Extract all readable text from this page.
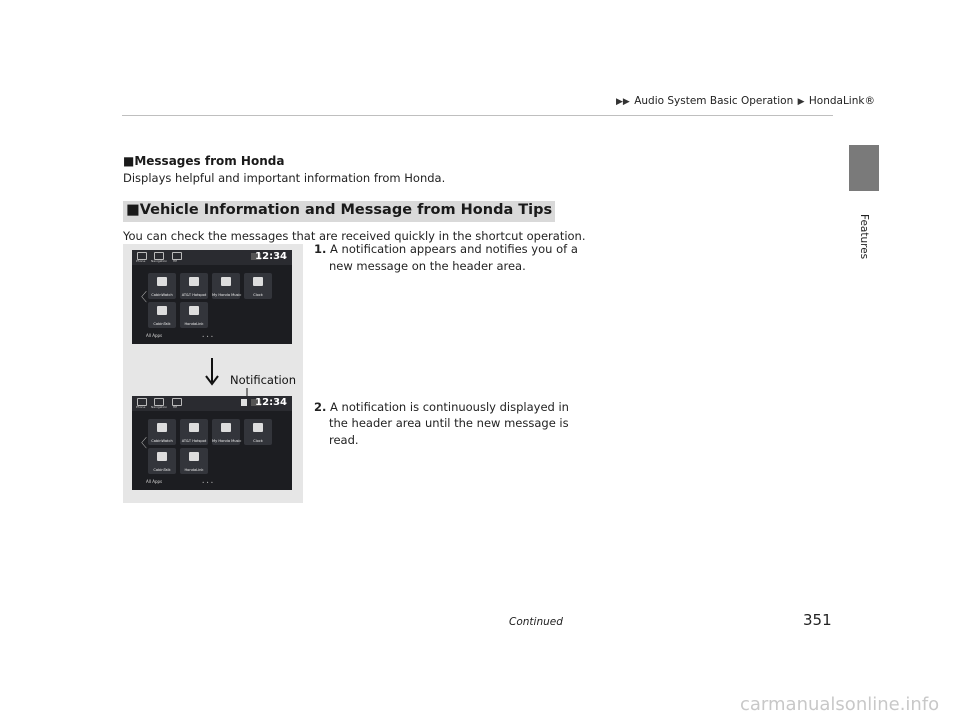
▶▶ Audio System Basic Operation ▶ HondaLink®
Features
■Messages from Honda
Displays helpful and important information from Honda.
■Vehicle Information and Message from Honda Tips
You can check the messages that are received quickly in the shortcut operation.
1. A notification appears and notifies you of a
new message on the header area.
2. A notification is continuously displayed in
the header area until the new message is
read.
Phone Navigation HE	12:34
〈	CabinWatch	AT&T Hotspot	My Honda Music	Clock
CabinTalk	HondaLink
All Apps	•••
Notification
Phone Navigation HE	12:34
〈	CabinWatch	AT&T Hotspot	My Honda Music	Clock
CabinTalk	HondaLink
All Apps	•••
Continued	351
carmanualsonline.info
